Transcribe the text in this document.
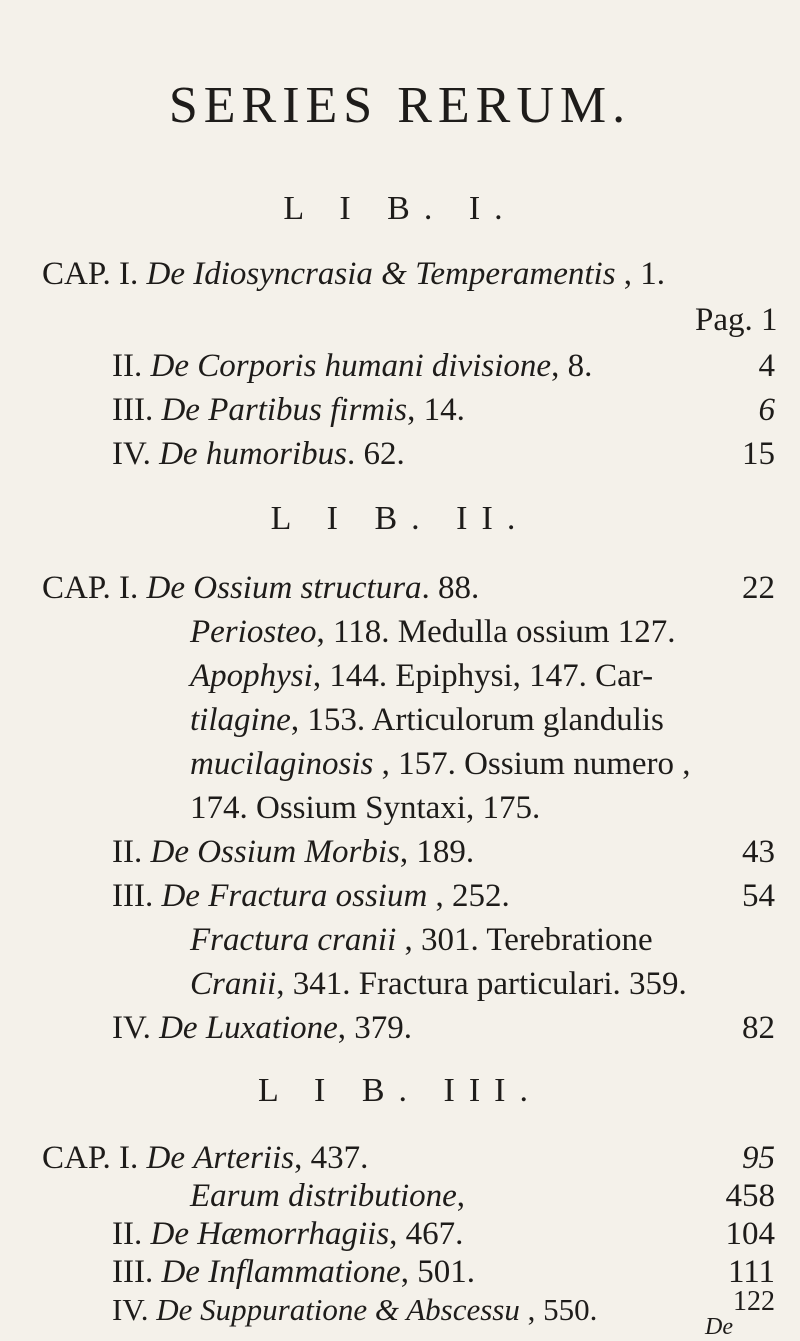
SERIES RERUM.
L I B. I.
CAP. I. De Idiosyncrasia & Temperamentis , 1.
Pag. 1
II. De Corporis humani divisione, 8.	4
III. De Partibus firmis, 14.	6
IV. De humoribus. 62.	15
L I B. II.
CAP. I. De Ossium structura. 88.	22
Periosteo, 118. Medulla ossium 127.
Apophysi, 144. Epiphysi, 147. Car-
tilagine, 153. Articulorum glandulis
mucilaginosis , 157. Ossium numero ,
174. Ossium Syntaxi, 175.
II. De Ossium Morbis, 189.	43
III. De Fractura ossium , 252.	54
Fractura cranii , 301. Terebratione
Cranii, 341. Fractura particulari. 359.
IV. De Luxatione, 379.	82
L I B. III.
CAP. I. De Arteriis, 437.	95
Earum distributione,	458
II. De Hæmorrhagiis, 467.	104
III. De Inflammatione, 501.	111
IV. De Suppuratione & Abscessu , 550.	122
De
